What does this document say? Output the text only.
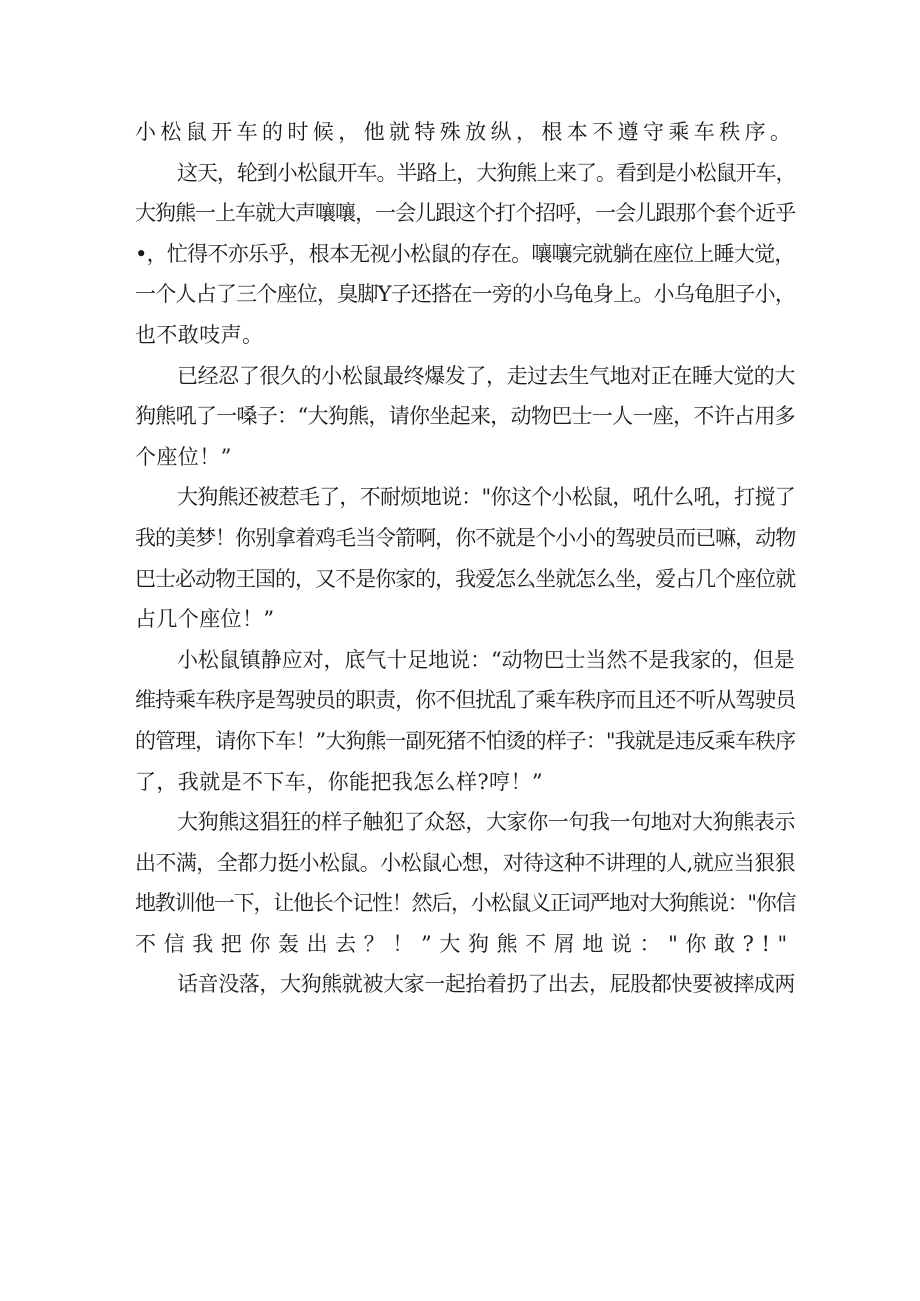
小松鼠开车的时候，他就特殊放纵，根本不遵守乘车秩序。
这天，轮到小松鼠开车。半路上，大狗熊上来了。看到是小松鼠开车，
大狗熊一上车就大声嚷嚷，一会儿跟这个打个招呼，一会儿跟那个套个近乎
•，忙得不亦乐乎，根本无视小松鼠的存在。嚷嚷完就躺在座位上睡大觉，
一个人占了三个座位，臭脚Y子还搭在一旁的小乌龟身上。小乌龟胆子小，
也不敢吱声。
已经忍了很久的小松鼠最终爆发了，走过去生气地对正在睡大觉的大
狗熊吼了一嗓子：“大狗熊，请你坐起来，动物巴士一人一座，不许占用多
个座位！”
大狗熊还被惹毛了，不耐烦地说："你这个小松鼠，吼什么吼，打搅了
我的美梦！你别拿着鸡毛当令箭啊，你不就是个小小的驾驶员而已嘛，动物
巴士必动物王国的，又不是你家的，我爱怎么坐就怎么坐，爱占几个座位就
占几个座位！”
小松鼠镇静应对，底气十足地说：“动物巴士当然不是我家的，但是
维持乘车秩序是驾驶员的职责，你不但扰乱了乘车秩序而且还不听从驾驶员
的管理，请你下车！”大狗熊一副死猪不怕烫的样子："我就是违反乘车秩序
了，我就是不下车，你能把我怎么样?哼！”
大狗熊这猖狂的样子触犯了众怒，大家你一句我一句地对大狗熊表示
出不满，全都力挺小松鼠。小松鼠心想，对待这种不讲理的人,就应当狠狠
地教训他一下，让他长个记性！然后，小松鼠义正词严地对大狗熊说："你信
不信我把你轰出去？！”大狗熊不屑地说："你敢?!"
话音没落，大狗熊就被大家一起抬着扔了出去，屁股都快要被摔成两
